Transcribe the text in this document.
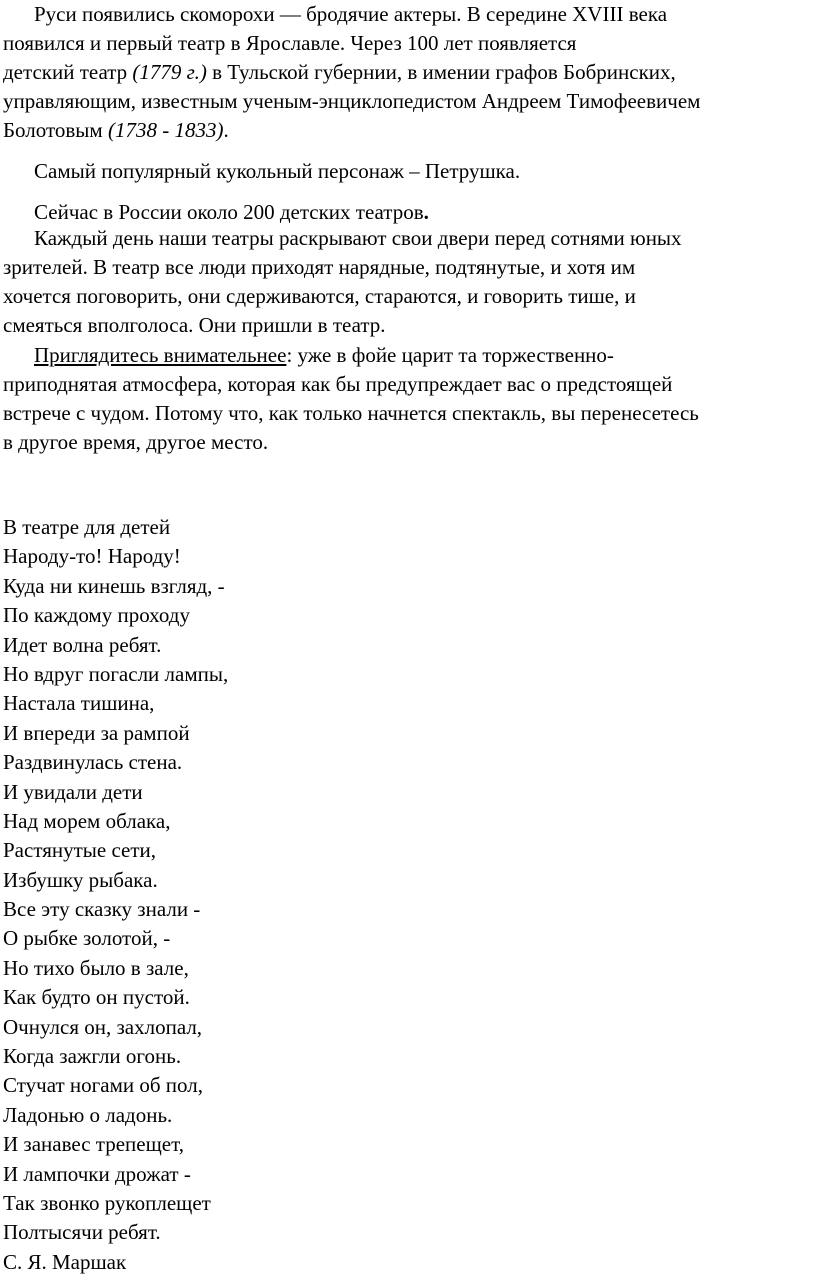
Руси появились скоморохи — бродячие актеры. В середине XVIII века
появился и первый театр в Ярославле. Через 100 лет появляется
детский театр (1779 г.) в Тульской губернии, в имении графов Бобринских,
управляющим, известным ученым-энциклопедистом Андреем Тимофеевичем
Болотовым (1738 - 1833).
Самый популярный кукольный персонаж – Петрушка.
Сейчас в России около 200 детских театров.
Каждый день наши театры раскрывают свои двери перед сотнями юных
зрителей. В театр все люди приходят нарядные, подтянутые, и хотя им
хочется поговорить, они сдерживаются, стараются, и говорить тише, и
смеяться вполголоса. Они пришли в театр.
Приглядитесь внимательнее: уже в фойе царит та торжественно-
приподнятая атмосфера, которая как бы предупреждает вас о предстоящей
встрече с чудом. Потому что, как только начнется спектакль, вы перенесетесь
в другое время, другое место.
В театре для детей
Народу-то! Народу!
Куда ни кинешь взгляд, -
По каждому проходу
Идет волна ребят.
Но вдруг погасли лампы,
Настала тишина,
И впереди за рампой
Раздвинулась стена.
И увидали дети
Над морем облака,
Растянутые сети,
Избушку рыбака.
Все эту сказку знали -
О рыбке золотой, -
Но тихо было в зале,
Как будто он пустой.
Очнулся он, захлопал,
Когда зажгли огонь.
Стучат ногами об пол,
Ладонью о ладонь.
И занавес трепещет,
И лампочки дрожат -
Так звонко рукоплещет
Полтысячи ребят.
С. Я. Маршак
